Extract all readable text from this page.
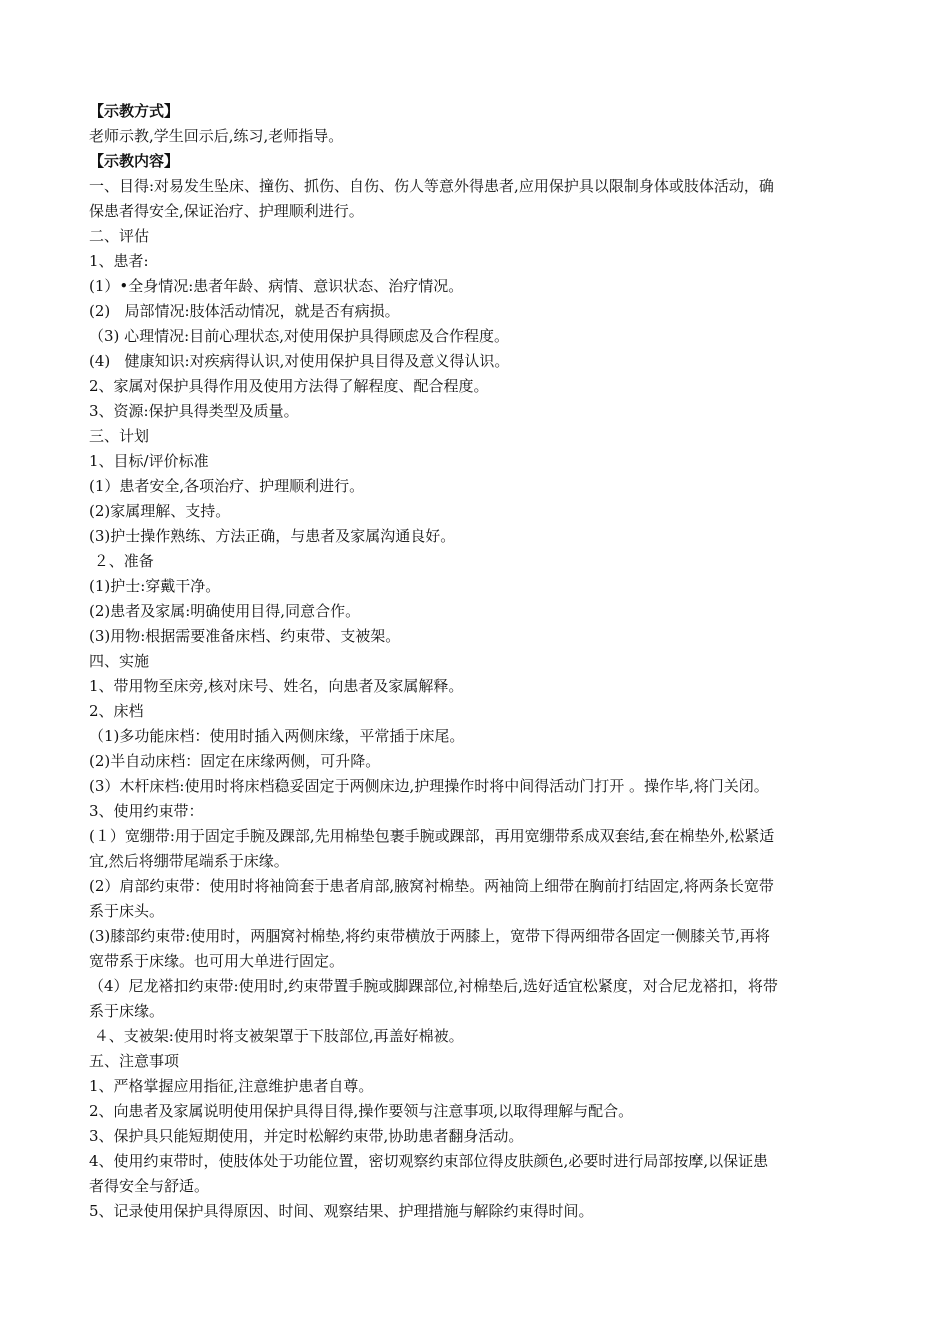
【示教方式】
老师示教,学生回示后,练习,老师指导。
【示教内容】
一、目得:对易发生坠床、撞伤、抓伤、自伤、伤人等意外得患者,应用保护具以限制身体或肢体活动，确
保患者得安全,保证治疗、护理顺利进行。
二、评估
1、患者:
(1）•全身情况:患者年龄、病情、意识状态、治疗情况。
(2)   局部情况:肢体活动情况，就是否有病损。
（3) 心理情况:目前心理状态,对使用保护具得顾虑及合作程度。
(4)   健康知识:对疾病得认识,对使用保护具目得及意义得认识。
2、家属对保护具得作用及使用方法得了解程度、配合程度。
3、资源:保护具得类型及质量。
三、计划
1、目标/评价标准
(1）患者安全,各项治疗、护理顺利进行。
(2)家属理解、支持。
(3)护士操作熟练、方法正确，与患者及家属沟通良好。
２、准备
(1)护士:穿戴干净。
(2)患者及家属:明确使用目得,同意合作。
(3)用物:根据需要准备床档、约束带、支被架。
四、实施
1、带用物至床旁,核对床号、姓名，向患者及家属解释。
2、床档
（1)多功能床档：使用时插入两侧床缘，平常插于床尾。
(2)半自动床档：固定在床缘两侧，可升降。
(3）木杆床档:使用时将床档稳妥固定于两侧床边,护理操作时将中间得活动门打开 。操作毕,将门关闭。
3、使用约束带：
(１）宽绷带:用于固定手腕及踝部,先用棉垫包裹手腕或踝部，再用宽绷带系成双套结,套在棉垫外,松紧适
宜,然后将绷带尾端系于床缘。
(2）肩部约束带：使用时将袖筒套于患者肩部,腋窝衬棉垫。两袖筒上细带在胸前打结固定,将两条长宽带
系于床头。
(3)膝部约束带:使用时，两腘窝衬棉垫,将约束带横放于两膝上，宽带下得两细带各固定一侧膝关节,再将
宽带系于床缘。也可用大单进行固定。
（4）尼龙褡扣约束带:使用时,约束带置手腕或脚踝部位,衬棉垫后,选好适宜松紧度，对合尼龙褡扣，将带
系于床缘。
４、支被架:使用时将支被架罩于下肢部位,再盖好棉被。
五、注意事项
1、严格掌握应用指征,注意维护患者自尊。
2、向患者及家属说明使用保护具得目得,操作要领与注意事项,以取得理解与配合。
3、保护具只能短期使用，并定时松解约束带,协助患者翻身活动。
4、使用约束带时，使肢体处于功能位置，密切观察约束部位得皮肤颜色,必要时进行局部按摩,以保证患
者得安全与舒适。
5、记录使用保护具得原因、时间、观察结果、护理措施与解除约束得时间。
